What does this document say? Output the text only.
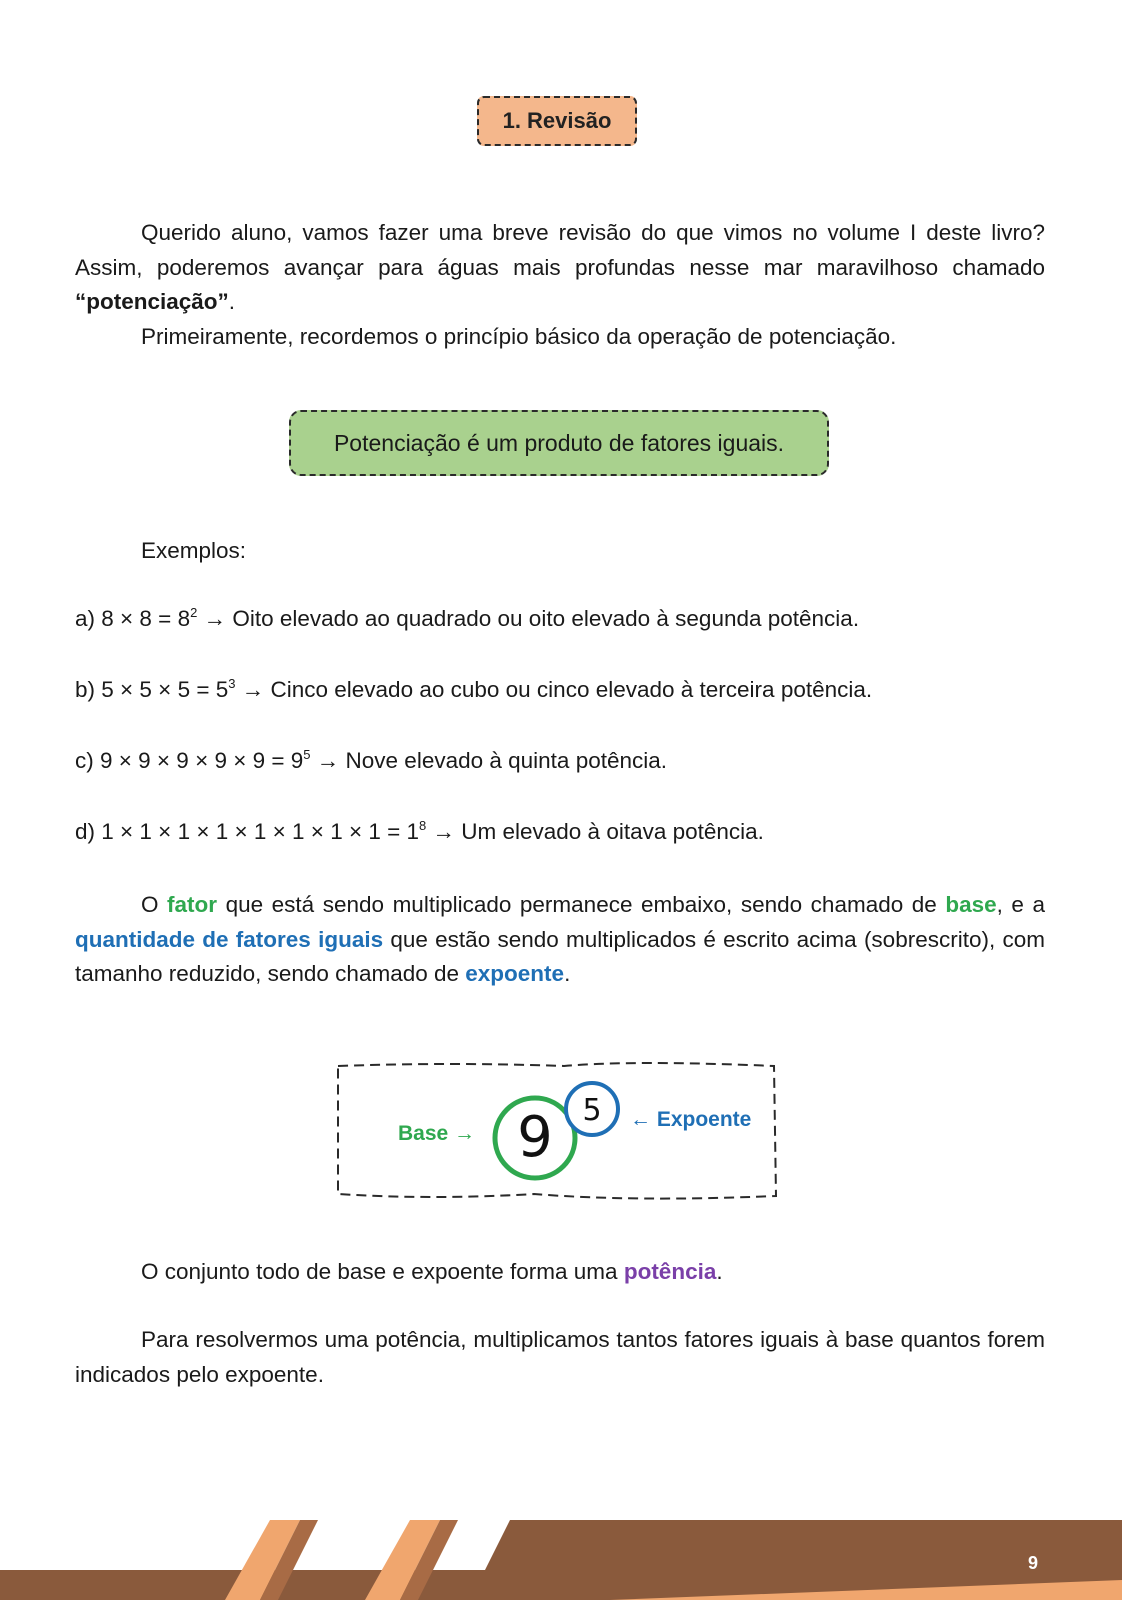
1. Revisão

Querido aluno, vamos fazer uma breve revisão do que vimos no volume I deste livro? Assim, poderemos avançar para águas mais profundas nesse mar maravilhoso chamado “potenciação”.

Primeiramente, recordemos o princípio básico da operação de potenciação.

Potenciação é um produto de fatores iguais.

Exemplos:

a) $8 \times 8 = 8^2$ → Oito elevado ao quadrado ou oito elevado à segunda potência.

b) $5 \times 5 \times 5 = 5^3$ → Cinco elevado ao cubo ou cinco elevado à terceira potência.

c) $9 \times 9 \times 9 \times 9 \times 9 = 9^5$ → Nove elevado à quinta potência.

d) $1 \times 1 \times 1 \times 1 \times 1 \times 1 \times 1 \times 1 = 1^8 \to Um$ elevado à oitava potência.

O fator que está sendo multiplicado permanece embaixo, sendo chamado de base, e a quantidade de fatores iguais que estão sendo multiplicados é escrito acima (sobrescrito), com tamanho reduzido, sendo chamado de expoente.

9 5
Base →
← Expoente

O conjunto todo de base e expoente forma uma potência.

Para resolvermos uma potência, multiplicamos tantos fatores iguais à base quantos forem indicados pelo expoente.

9
